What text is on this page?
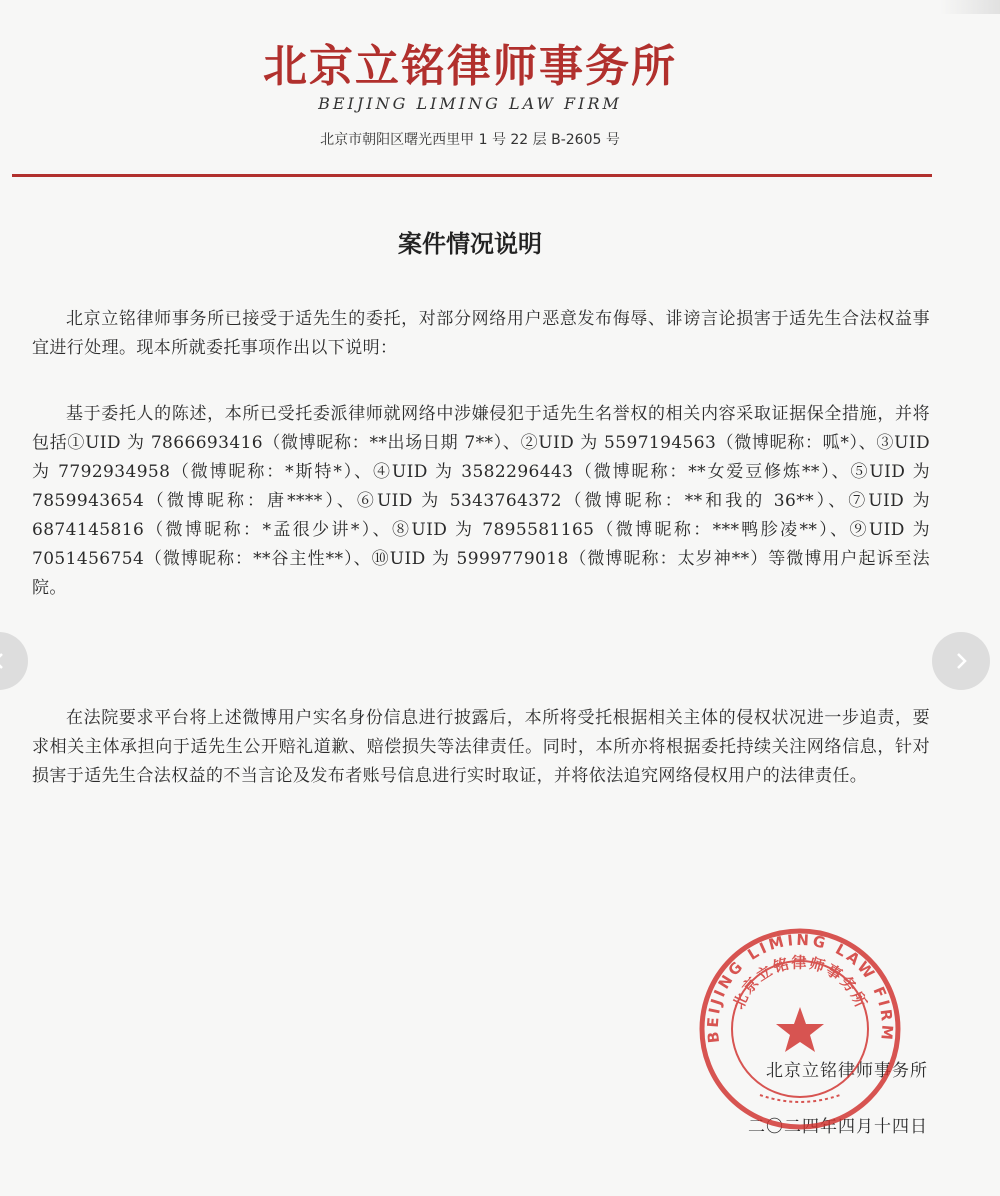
北京立铭律师事务所
BEIJING LIMING LAW FIRM
北京市朝阳区曙光西里甲 1 号 22 层 B-2605 号
案件情况说明

北京立铭律师事务所已接受于适先生的委托，对部分网络用户恶意发布侮辱、诽谤言论损害于适先生合法权益事宜进行处理。现本所就委托事项作出以下说明：

基于委托人的陈述，本所已受托委派律师就网络中涉嫌侵犯于适先生名誉权的相关内容采取证据保全措施，并将包括①UID 为 7866693416（微博昵称：**出场日期 7**）、②UID 为 5597194563（微博昵称：呱*）、③UID 为 7792934958（微博昵称：*斯特*）、④UID 为 3582296443（微博昵称：**女爱豆修炼**）、⑤UID 为 7859943654（微博昵称：唐****）、⑥UID 为 5343764372（微博昵称：**和我的 36**）、⑦UID 为 6874145816（微博昵称：*孟很少讲*）、⑧UID 为 7895581165（微博昵称：***鸭胗凌**）、⑨UID 为 7051456754（微博昵称：**谷主性**）、⑩UID 为 5999779018（微博昵称：太岁神**）等微博用户起诉至法院。

在法院要求平台将上述微博用户实名身份信息进行披露后，本所将受托根据相关主体的侵权状况进一步追责，要求相关主体承担向于适先生公开赔礼道歉、赔偿损失等法律责任。同时，本所亦将根据委托持续关注网络信息，针对损害于适先生合法权益的不当言论及发布者账号信息进行实时取证，并将依法追究网络侵权用户的法律责任。

北京立铭律师事务所
二〇二四年四月十四日
BEIJING LIMING LAW FIRM
北京立铭律师事务所
